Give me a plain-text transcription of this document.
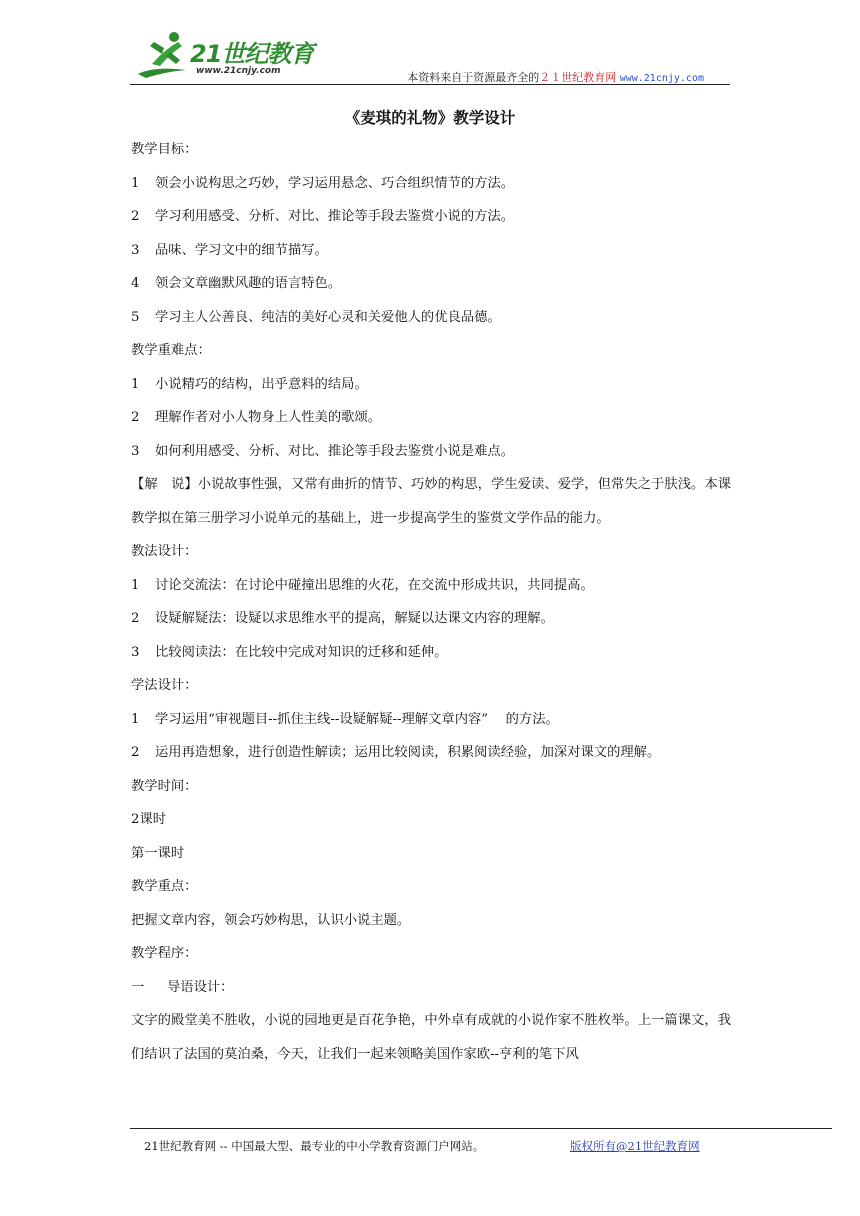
21世纪教育
www.21cnjy.com	本资料来自于资源最齐全的２１世纪教育网 www.21cnjy.com
《麦琪的礼物》教学设计

教学目标：

1 领会小说构思之巧妙，学习运用悬念、巧合组织情节的方法。

2 学习利用感受、分析、对比、推论等手段去鉴赏小说的方法。

3 品味、学习文中的细节描写。

4 领会文章幽默风趣的语言特色。

5 学习主人公善良、纯洁的美好心灵和关爱他人的优良品德。

教学重难点：

1 小说精巧的结构，出乎意料的结局。

2 理解作者对小人物身上人性美的歌颂。

3 如何利用感受、分析、对比、推论等手段去鉴赏小说是难点。

【解　说】小说故事性强，又常有曲折的情节、巧妙的构思，学生爱读、爱学，但常失之于肤浅。本课教学拟在第三册学习小说单元的基础上，进一步提高学生的鉴赏文学作品的能力。

教法设计：

1 讨论交流法：在讨论中碰撞出思维的火花，在交流中形成共识，共同提高。

2 设疑解疑法：设疑以求思维水平的提高，解疑以达课文内容的理解。

3 比较阅读法：在比较中完成对知识的迁移和延伸。

学法设计：

1 学习运用“审视题目--抓住主线--设疑解疑--理解文章内容”　 的方法。

2 运用再造想象，进行创造性解读；运用比较阅读，积累阅读经验，加深对课文的理解。

教学时间：

2课时

第一课时

教学重点：

把握文章内容，领会巧妙构思，认识小说主题。

教学程序：

一 导语设计：

文字的殿堂美不胜收，小说的园地更是百花争艳，中外卓有成就的小说作家不胜枚举。上一篇课文，我们结识了法国的莫泊桑，今天，让我们一起来领略美国作家欧--亨利的笔下风

21世纪教育网 -- 中国最大型、最专业的中小学教育资源门户网站。	版权所有@21世纪教育网
